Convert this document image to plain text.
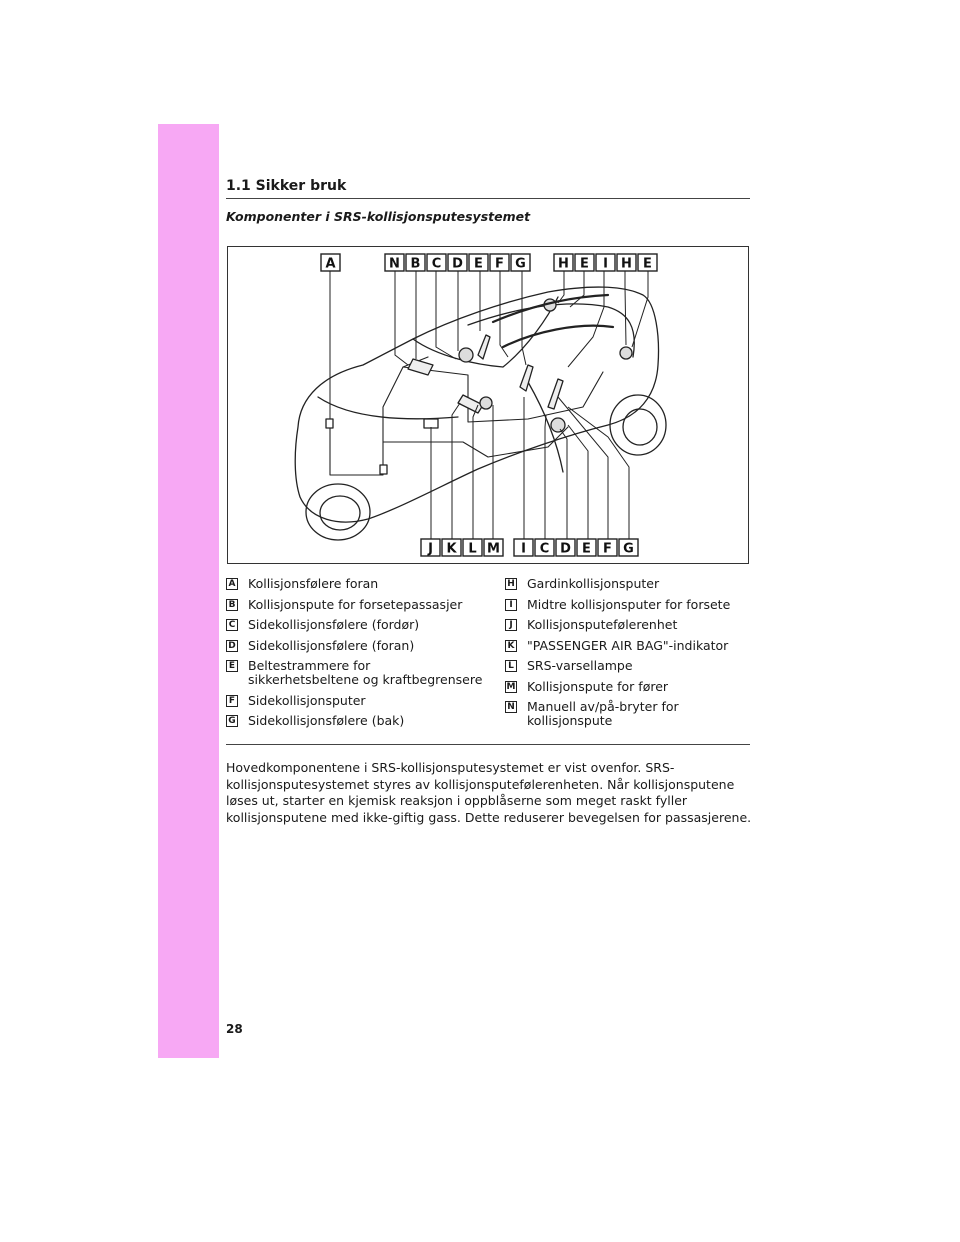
1.1 Sikker bruk
Komponenter i SRS-kollisjonsputesystemet
A	N B C D E F G H E I H E
J K L M I C D E F G
A Kollisjonsfølere foran
B Kollisjonspute for forsetepassasjer
C Sidekollisjonsfølere (fordør)
D Sidekollisjonsfølere (foran)
E Beltestrammere for
sikkerhetsbeltene og kraftbegrensere
F Sidekollisjonsputer
G Sidekollisjonsfølere (bak)
H Gardinkollisjonsputer
I	Midtre kollisjonsputer for forsete
J	Kollisjonsputefølerenhet
K "PASSENGER AIR BAG"-indikator
L SRS-varsellampe
M Kollisjonspute for fører
N Manuell av/på-bryter for
kollisjonspute
Hovedkomponentene i SRS-kollisjonsputesystemet er vist ovenfor. SRS-kollisjonsputesystemet styres av kollisjonsputefølerenheten. Når kollisjonsputene løses ut, starter en kjemisk reaksjon i oppblåserne som meget raskt fyller kollisjonsputene med ikke-giftig gass. Dette reduserer bevegelsen for passasjerene.
28
